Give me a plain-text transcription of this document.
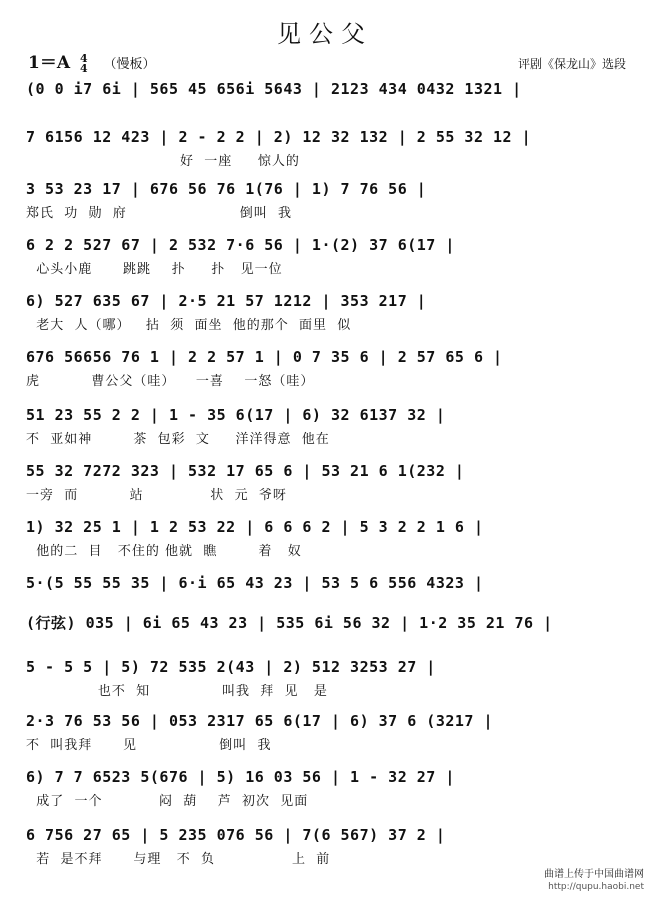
见公父
1＝A 4
4 （慢板）	评剧《保龙山》选段
(0 0 i7 6i | 565 45 656i 5643 | 2123 434 0432 1321 |
7 6156 12 423 | 2 - 2 2 | 2) 12 32 132 | 2 55 32 12 |
好  一座     惊人的
3 53 23 17 | 676 56 76 1(76 | 1) 7 76 56 |
郑氏  功  勋  府                      倒叫  我
6 2 2 527 67 | 2 532 7·6 56 | 1·(2) 37 6(17 |
心头小鹿      跳跳    扑     扑   见一位
6) 527 635 67 | 2·5 21 57 1212 | 353 217 |
老大  人（哪）   拈  须  面坐  他的那个  面里  似
676 56656 76 1 | 2 2 57 1 | 0 7 35 6 | 2 57 65 6 |
虎          曹公父（哇）    一喜    一怒（哇）
51 23 55 2 2 | 1 - 35 6(17 | 6) 32 6137 32 |
不  亚如神        茶  包彩  文     洋洋得意  他在
55 32 7272 323 | 532 17 65 6 | 53 21 6 1(232 |
一旁  而          站             状  元  爷呀
1) 32 25 1 | 1 2 53 22 | 6 6 6 2 | 5 3 2 2 1 6 |
他的二  目   不住的 他就  瞧        着   奴
5·(5 55 55 35 | 6·i 65 43 23 | 53 5 6 556 4323 |
(行弦) 035 | 6i 65 43 23 | 535 6i 56 32 | 1·2 35 21 76 |
5 - 5 5 | 5) 72 535 2(43 | 2) 512 3253 27 |
也不  知              叫我  拜  见   是
2·3 76 53 56 | 053 2317 65 6(17 | 6) 37 6 (3217 |
不  叫我拜      见                倒叫  我
6) 7 7 6523 5(676 | 5) 16 03 56 | 1 - 32 27 |
成了  一个           闷  葫    芦  初次  见面
6 756 27 65 | 5 235 076 56 | 7(6 567) 37 2 |
若  是不拜      与理   不  负               上  前
曲谱上传于中国曲谱网
http://qupu.haobi.net
